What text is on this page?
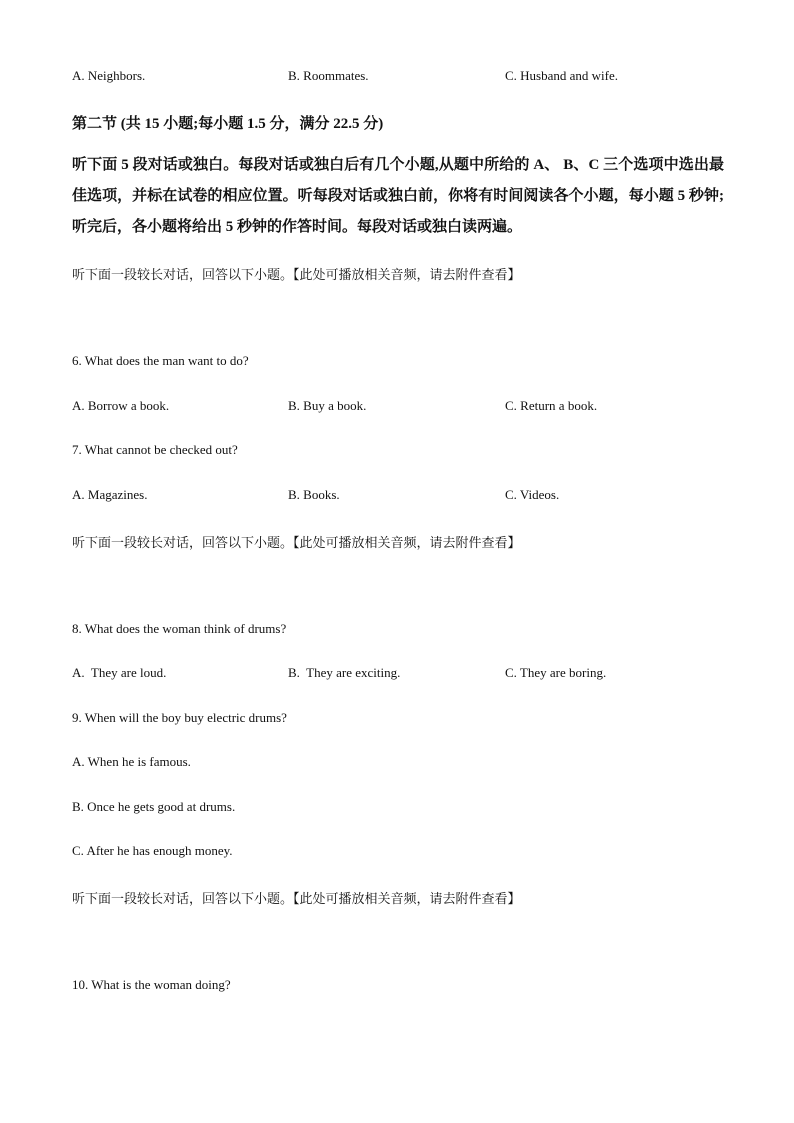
A. Neighbors.	B. Roommates.	C. Husband and wife.
第二节 (共 15 小题;每小题 1.5 分，满分 22.5 分)
听下面 5 段对话或独白。每段对话或独白后有几个小题,从题中所给的 A、 B、C 三个选项中选出最佳选项，并标在试卷的相应位置。听每段对话或独白前，你将有时间阅读各个小题，每小题 5 秒钟;听完后，各小题将给出 5 秒钟的作答时间。每段对话或独白读两遍。
听下面一段较长对话，回答以下小题。【此处可播放相关音频，请去附件查看】
6. What does the man want to do?
A. Borrow a book.	B. Buy a book.	C. Return a book.
7. What cannot be checked out?
A. Magazines.	B. Books.	C. Videos.
听下面一段较长对话，回答以下小题。【此处可播放相关音频，请去附件查看】
8. What does the woman think of drums?
A.  They are loud.	B.  They are exciting.	C. They are boring.
9. When will the boy buy electric drums?
A. When he is famous.
B. Once he gets good at drums.
C. After he has enough money.
听下面一段较长对话，回答以下小题。【此处可播放相关音频，请去附件查看】
10. What is the woman doing?
